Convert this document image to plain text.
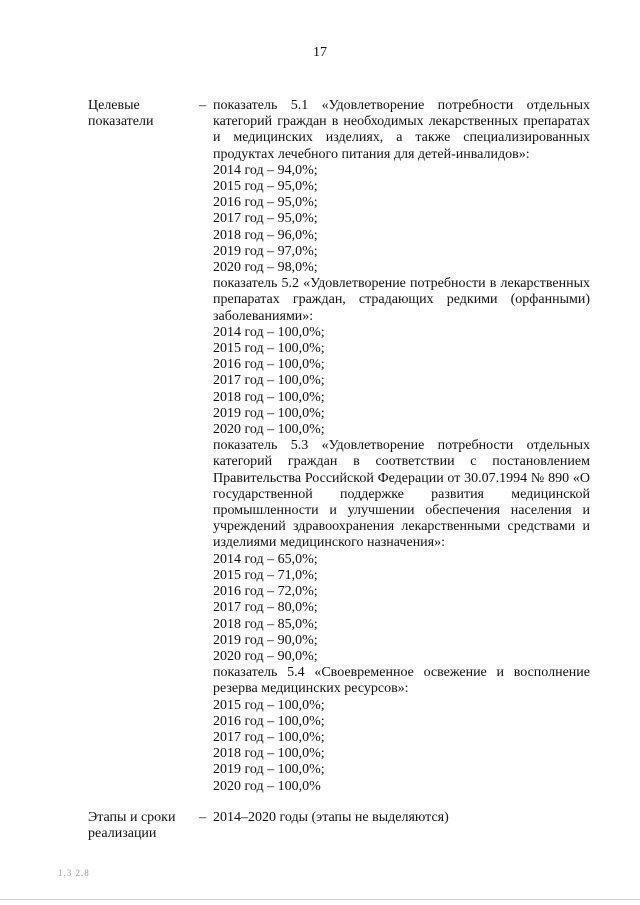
17
Целевые
показатели
– показатель 5.1 «Удовлетворение потребности отдельных категорий граждан в необходимых лекарственных препаратах и медицинских изделиях, а также специализированных продуктах лечебного питания для детей-инвалидов»:
2014 год – 94,0%;
2015 год – 95,0%;
2016 год – 95,0%;
2017 год – 95,0%;
2018 год – 96,0%;
2019 год – 97,0%;
2020 год – 98,0%;
показатель 5.2 «Удовлетворение потребности в лекарственных препаратах граждан, страдающих редкими (орфанными) заболеваниями»:
2014 год – 100,0%;
2015 год – 100,0%;
2016 год – 100,0%;
2017 год – 100,0%;
2018 год – 100,0%;
2019 год – 100,0%;
2020 год – 100,0%;
показатель 5.3 «Удовлетворение потребности отдельных категорий граждан в соответствии с постановлением Правительства Российской Федерации от 30.07.1994 № 890 «О государственной поддержке развития медицинской промышленности и улучшении обеспечения населения и учреждений здравоохранения лекарственными средствами и изделиями медицинского назначения»:
2014 год – 65,0%;
2015 год – 71,0%;
2016 год – 72,0%;
2017 год – 80,0%;
2018 год – 85,0%;
2019 год – 90,0%;
2020 год – 90,0%;
показатель 5.4 «Своевременное освежение и восполнение резерва медицинских ресурсов»:
2015 год – 100,0%;
2016 год – 100,0%;
2017 год – 100,0%;
2018 год – 100,0%;
2019 год – 100,0%;
2020 год – 100,0%
Этапы и сроки
реализации
– 2014–2020 годы (этапы не выделяются)
1.3 2.8
